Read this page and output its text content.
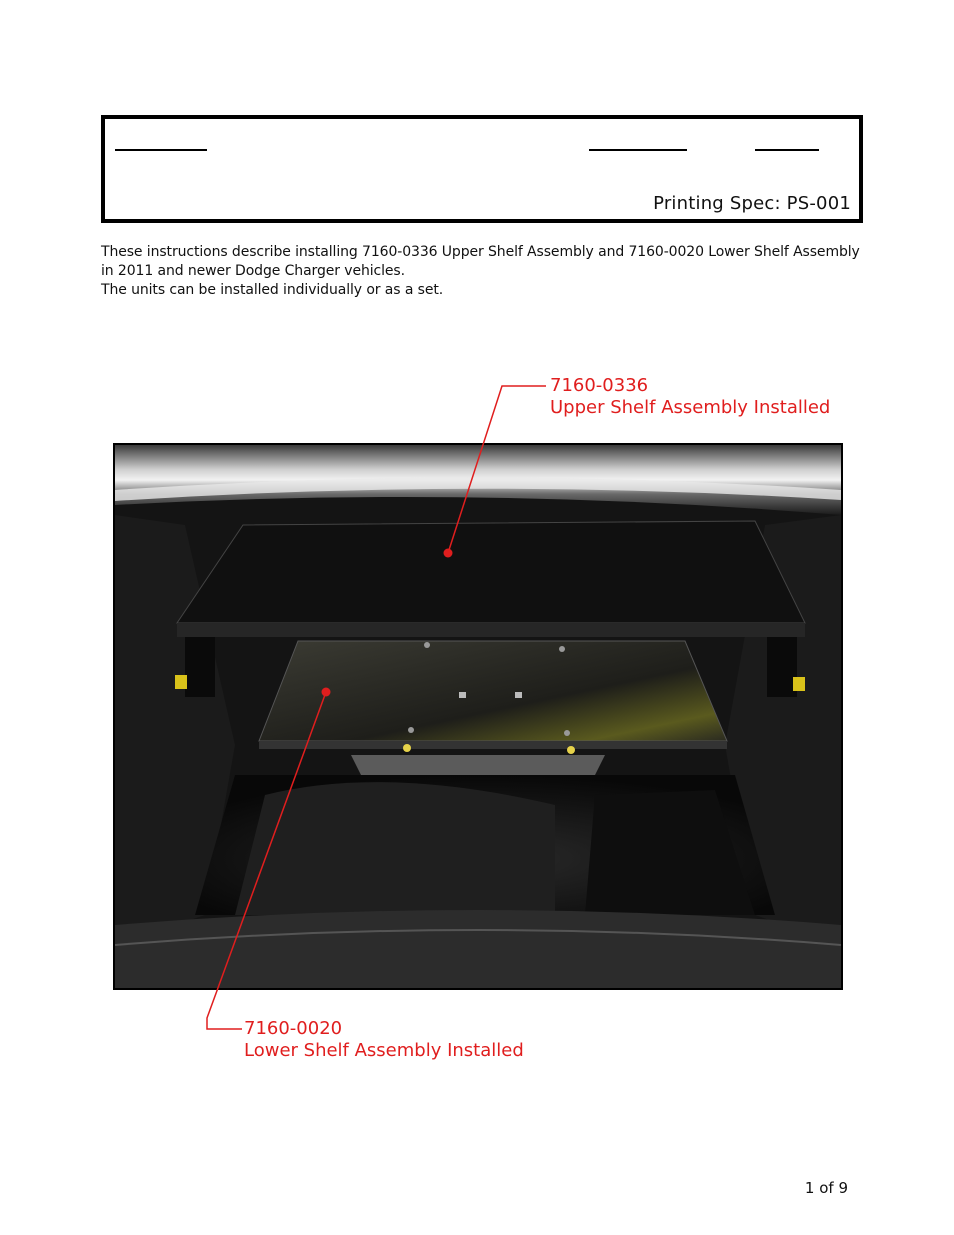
Printing Spec: PS-001
These instructions describe installing 7160-0336 Upper Shelf Assembly and 7160-0020 Lower Shelf Assembly
in 2011 and newer Dodge Charger vehicles.
The units can be installed individually or as a set.
7160-0336
Upper Shelf Assembly Installed
7160-0020
Lower Shelf Assembly Installed
1 of 9
